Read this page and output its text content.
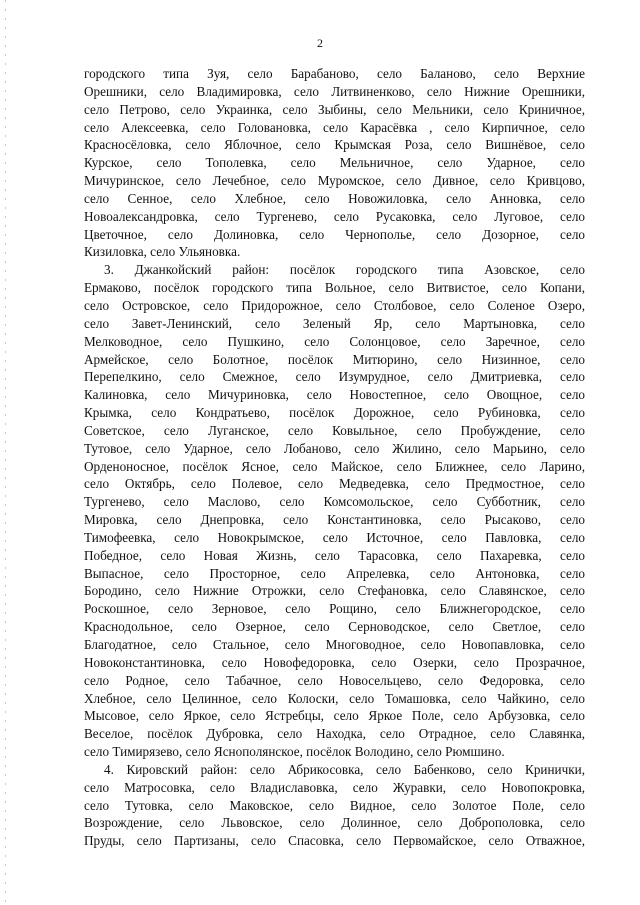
2
городского типа Зуя, село Барабаново, село Баланово, село Верхние
Орешники, село Владимировка, село Литвиненково, село Нижние Орешники,
село Петрово, село Украинка, село Зыбины, село Мельники, село Криничное,
село Алексеевка, село Головановка, село Карасёвка , село Кирпичное, село
Красносёловка, село Яблочное, село Крымская Роза, село Вишнёвое, село
Курское, село Тополевка, село Мельничное, село Ударное, село
Мичуринское, село Лечебное, село Муромское, село Дивное, село Кривцово,
село Сенное, село Хлебное, село Новожиловка, село Анновка, село
Новоалександровка, село Тургенево, село Русаковка, село Луговое, село
Цветочное, село Долиновка, село Чернополье, село Дозорное, село
Кизиловка, село Ульяновка.
3. Джанкойский район: посёлок городского типа Азовское, село
Ермаково, посёлок городского типа Вольное, село Витвистое, село Копани,
село Островское, село Придорожное, село Столбовое, село Соленое Озеро,
село Завет-Ленинский, село Зеленый Яр, село Мартыновка, село
Мелководное, село Пушкино, село Солонцовое, село Заречное, село
Армейское, село Болотное, посёлок Митюрино, село Низинное, село
Перепелкино, село Смежное, село Изумрудное, село Дмитриевка, село
Калиновка, село Мичуриновка, село Новостепное, село Овощное, село
Крымка, село Кондратьево, посёлок Дорожное, село Рубиновка, село
Советское, село Луганское, село Ковыльное, село Пробуждение, село
Тутовое, село Ударное, село Лобаново, село Жилино, село Марьино, село
Орденоносное, посёлок Ясное, село Майское, село Ближнее, село Ларино,
село Октябрь, село Полевое, село Медведевка, село Предмостное, село
Тургенево, село Маслово, село Комсомольское, село Субботник, село
Мировка, село Днепровка, село Константиновка, село Рысаково, село
Тимофеевка, село Новокрымское, село Источное, село Павловка, село
Победное, село Новая Жизнь, село Тарасовка, село Пахаревка, село
Выпасное, село Просторное, село Апрелевка, село Антоновка, село
Бородино, село Нижние Отрожки, село Стефановка, село Славянское, село
Роскошное, село Зерновое, село Рощино, село Ближнегородское, село
Краснодольное, село Озерное, село Серноводское, село Светлое, село
Благодатное, село Стальное, село Многоводное, село Новопавловка, село
Новоконстантиновка, село Новофедоровка, село Озерки, село Прозрачное,
село Родное, село Табачное, село Новосельцево, село Федоровка, село
Хлебное, село Целинное, село Колоски, село Томашовка, село Чайкино, село
Мысовое, село Яркое, село Ястребцы, село Яркое Поле, село Арбузовка, село
Веселое, посёлок Дубровка, село Находка, село Отрадное, село Славянка,
село Тимирязево, село Яснополянское, посёлок Володино, село Рюмшино.
4. Кировский район: село Абрикосовка, село Бабенково, село Кринички,
село Матросовка, село Владиславовка, село Журавки, село Новопокровка,
село Тутовка, село Маковское, село Видное, село Золотое Поле, село
Возрождение, село Львовское, село Долинное, село Доброполовка, село
Пруды, село Партизаны, село Спасовка, село Первомайское, село Отважное,
